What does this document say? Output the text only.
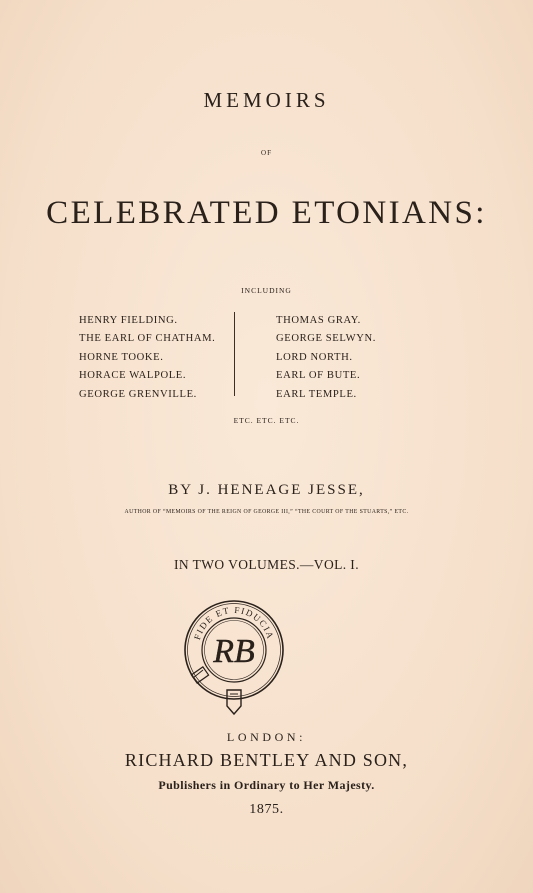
MEMOIRS
OF
CELEBRATED ETONIANS:
INCLUDING
HENRY FIELDING.
THE EARL OF CHATHAM.
HORNE TOOKE.
HORACE WALPOLE.
GEORGE GRENVILLE.
THOMAS GRAY.
GEORGE SELWYN.
LORD NORTH.
EARL OF BUTE.
EARL TEMPLE.
ETC. ETC. ETC.
BY J. HENEAGE JESSE,
AUTHOR OF “MEMOIRS OF THE REIGN OF GEORGE III,” “THE COURT OF THE STUARTS,” ETC.
IN TWO VOLUMES.—VOL. I.
FIDE ET FIDUCIA
RB
LONDON:
RICHARD BENTLEY AND SON,
Publishers in Ordinary to Her Majesty.
1875.
